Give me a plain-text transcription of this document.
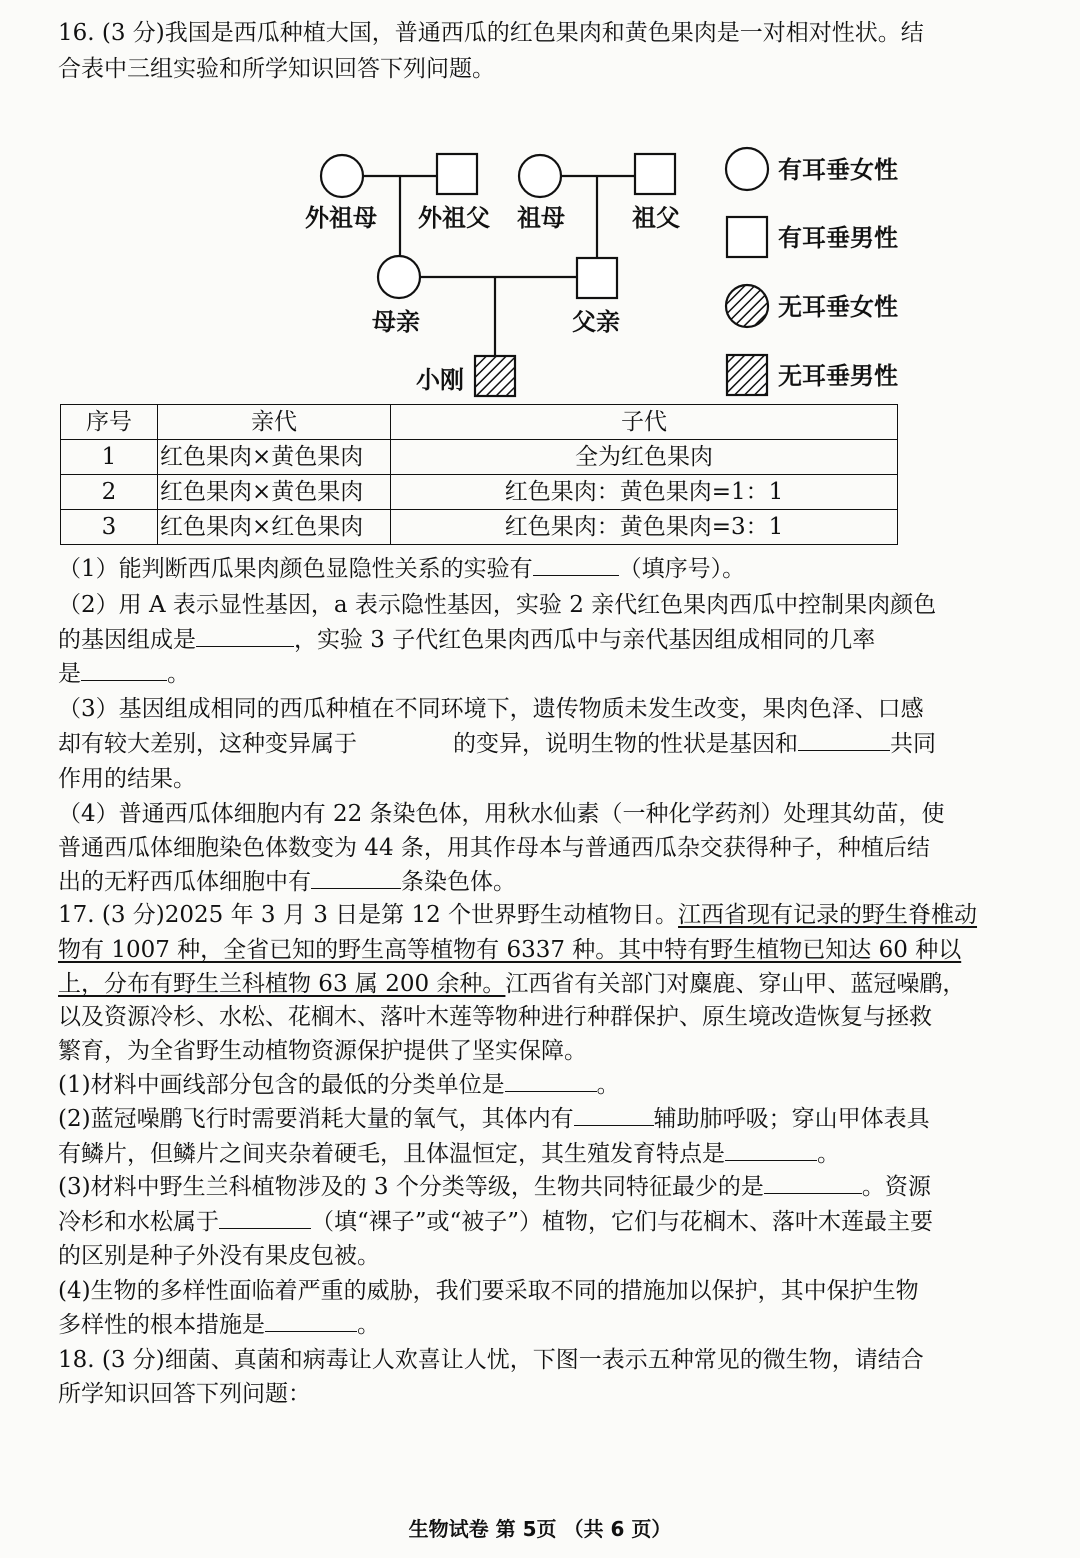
16. (3 分)我国是西瓜种植大国，普通西瓜的红色果肉和黄色果肉是一对相对性状。结
合表中三组实验和所学知识回答下列问题。
外祖母 外祖父 祖母	祖父
母亲	父亲
小刚
有耳垂女性
有耳垂男性
无耳垂女性
无耳垂男性
序号	亲代	子代
1	红色果肉×黄色果肉	全为红色果肉
2	红色果肉×黄色果肉	红色果肉：黄色果肉=1：1
3	红色果肉×红色果肉	红色果肉：黄色果肉=3：1
（1）能判断西瓜果肉颜色显隐性关系的实验有	（填序号）。
（2）用 A 表示显性基因，a 表示隐性基因，实验 2 亲代红色果肉西瓜中控制果肉颜色
的基因组成是	，实验 3 子代红色果肉西瓜中与亲代基因组成相同的几率
是	。
（3）基因组成相同的西瓜种植在不同环境下，遗传物质未发生改变，果肉色泽、口感
却有较大差别，这种变异属于	的变异，说明生物的性状是基因和	共同
作用的结果。
（4）普通西瓜体细胞内有 22 条染色体，用秋水仙素（一种化学药剂）处理其幼苗，使
普通西瓜体细胞染色体数变为 44 条，用其作母本与普通西瓜杂交获得种子，种植后结
出的无籽西瓜体细胞中有	条染色体。
17. (3 分)2025 年 3 月 3 日是第 12 个世界野生动植物日。江西省现有记录的野生脊椎动
物有 1007 种，全省已知的野生高等植物有 6337 种。其中特有野生植物已知达 60 种以
上，分布有野生兰科植物 63 属 200 余种。江西省有关部门对麋鹿、穿山甲、蓝冠噪鹛，
以及资源冷杉、水松、花榈木、落叶木莲等物种进行种群保护、原生境改造恢复与拯救
繁育，为全省野生动植物资源保护提供了坚实保障。
(1)材料中画线部分包含的最低的分类单位是	。
(2)蓝冠噪鹛飞行时需要消耗大量的氧气，其体内有	辅助肺呼吸；穿山甲体表具
有鳞片，但鳞片之间夹杂着硬毛，且体温恒定，其生殖发育特点是	。
(3)材料中野生兰科植物涉及的 3 个分类等级，生物共同特征最少的是	。资源
冷杉和水松属于	（填“裸子”或“被子”）植物，它们与花榈木、落叶木莲最主要
的区别是种子外没有果皮包被。
(4)生物的多样性面临着严重的威胁，我们要采取不同的措施加以保护，其中保护生物
多样性的根本措施是	。
18. (3 分)细菌、真菌和病毒让人欢喜让人忧，下图一表示五种常见的微生物，请结合
所学知识回答下列问题：
生物试卷 第 5页 （共 6 页）
